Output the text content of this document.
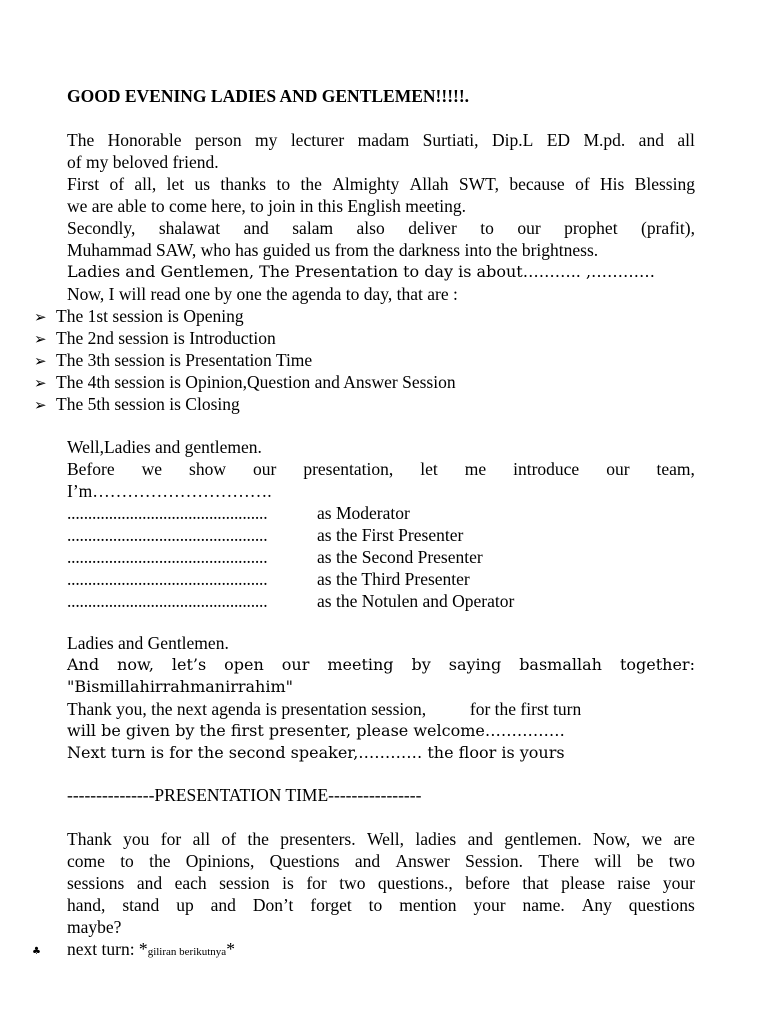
GOOD EVENING LADIES AND GENTLEMEN!!!!!.
The Honorable person my lecturer madam Surtiati, Dip.L ED M.pd. and all
of my beloved friend.
First of all, let us thanks to the Almighty Allah SWT, because of His Blessing
we are able to come here, to join in this English meeting.
Secondly, shalawat and salam also deliver to our prophet (prafit),
Muhammad SAW, who has guided us from the darkness into the brightness.
Ladies and Gentlemen, The Presentation to day is about……….. ,…………
Now, I will read one by one the agenda to day, that are :
➢ The 1st session is Opening
➢ The 2nd session is Introduction
➢ The 3th session is Presentation Time
➢ The 4th session is Opinion,Question and Answer Session
➢ The 5th session is Closing
Well,Ladies and gentlemen.
Before we show our presentation, let me introduce our team,
I’m………………………….
................................................	as Moderator
................................................	as the First Presenter
................................................	as the Second Presenter
................................................	as the Third Presenter
................................................	as the Notulen and Operator
Ladies and Gentlemen.
And now, let’s open our meeting by saying basmallah together:
"Bismillahirrahmanirrahim"
Thank you, the next agenda is presentation session,          for the first turn
will be given by the first presenter, please welcome……………
Next turn is for the second speaker,………… the floor is yours
---------------PRESENTATION TIME----------------
Thank you for all of the presenters. Well, ladies and gentlemen. Now, we are
come to the Opinions, Questions and Answer Session. There will be two
sessions and each session is for two questions., before that please raise your
hand, stand up and Don’t forget to mention your name. Any questions
maybe?
♣ next turn: *giliran berikutnya*
